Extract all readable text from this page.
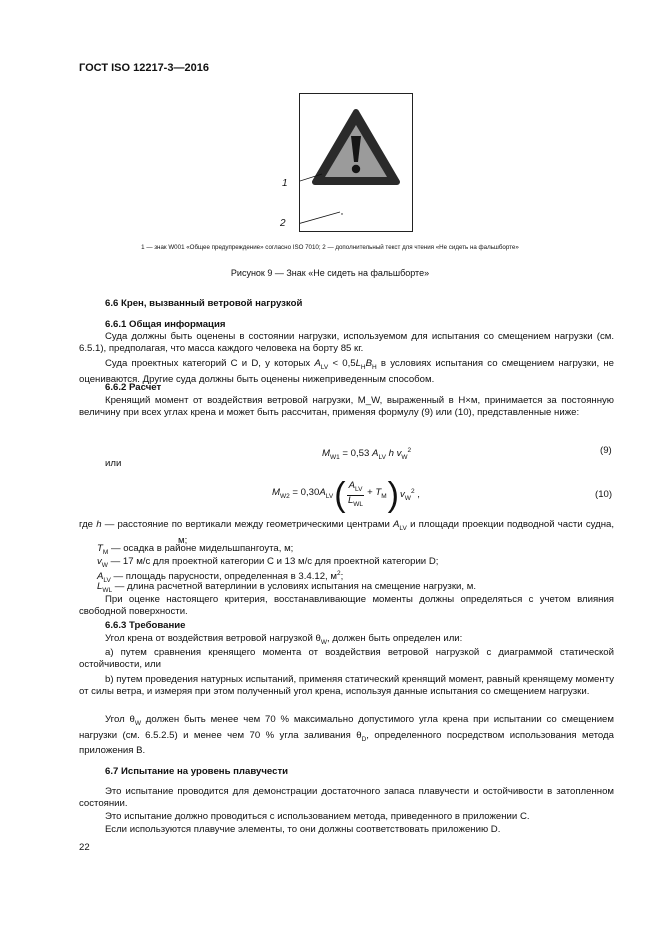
ГОСТ ISO 12217-3—2016
1
2
1 — знак W001 «Общее предупреждение» согласно ISO 7010; 2 — дополнительный текст для чтения «Не сидеть на фальшборте»
Рисунок 9 — Знак «Не сидеть на фальшборте»
6.6 Крен, вызванный ветровой нагрузкой
6.6.1 Общая информация
Суда должны быть оценены в состоянии нагрузки, используемом для испытания со смещением нагрузки (см. 6.5.1), предполагая, что масса каждого человека на борту 85 кг.
Суда проектных категорий C и D, у которых $A_{LV} < 0,5L_HB_H$ в условиях испытания со смещением нагрузки, не оцениваются. Другие суда должны быть оценены нижеприведенным способом.
6.6.2 Расчет
Кренящий момент от воздействия ветровой нагрузки, M_W, выраженный в Н×м, принимается за постоянную величину при всех углах крена и может быть рассчитан, применяя формулу (9) или (10), представленные ниже:
$M_{W1} = 0,53$ $A_{LV}$ h $v_W^2$	(9)
или
$M_{W2} = 0,30A_{LV}$ ( $\frac{A_{LV}}{L_{WL}} + T_M$ ) $v_W^2$ ,	(10)
где h — расстояние по вертикали между геометрическими центрами $A_{LV}$ и площади проекции подводной части судна, м;
$T_M$ — осадка в районе мидельшпангоута, м;
$v_W$ — 17 м/с для проектной категории C и 13 м/с для проектной категории D;
$A_{LV}$ — площадь парусности, определенная в 3.4.12, $м^2$;
$L_{WL}$ — длина расчетной ватерлинии в условиях испытания на смещение нагрузки, м.
При оценке настоящего критерия, восстанавливающие моменты должны определяться с учетом влияния свободной поверхности.
6.6.3 Требование
Угол крена от воздействия ветровой нагрузкой $\theta_W$, должен быть определен или:
a) путем сравнения кренящего момента от воздействия ветровой нагрузкой с диаграммой статической остойчивости, или
b) путем проведения натурных испытаний, применяя статический кренящий момент, равный кренящему моменту от силы ветра, и измеряя при этом полученный угол крена, используя данные испытания со смещением нагрузки.
Угол $\theta_W$ должен быть менее чем 70 % максимально допустимого угла крена при испытании со смещением нагрузки (см. 6.5.2.5) и менее чем 70 % угла заливания $\theta_D$, определенного посредством использования метода приложения B.
6.7 Испытание на уровень плавучести
Это испытание проводится для демонстрации достаточного запаса плавучести и остойчивости в затопленном состоянии.
Это испытание должно проводиться с использованием метода, приведенного в приложении C.
Если используются плавучие элементы, то они должны соответствовать приложению D.
22
